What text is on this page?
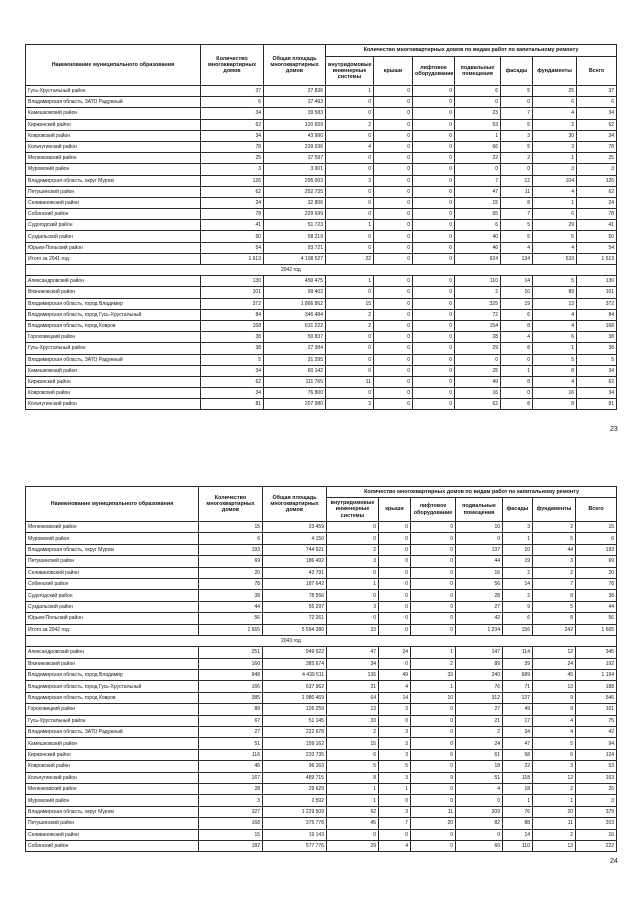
Наименование муниципального образования	Количество многоквартирных домов	Общая площадь многоквартирных домов	Количество многоквартирных домов по видам работ по капитальному ремонту						
			внутридомовые инженерные системы	крыши	лифтовое оборудование	подвальные помещения	фасады	фундаменты	Всего
Гусь-Хрустальный район	37	27 836	1	0	0	6	5	25	37
Владимирская область, ЗАТО Радужный	6	37 493	0	0	0	0	0	6	6
Камешковский район	34	39 583	0	0	0	23	7	4	34
Киржачский район	62	120 659	2	0	0	53	5	2	62
Ковровский район	34	43 990	0	0	0	1	3	30	34
Кольчугинский район	78	239 036	4	0	0	66	5	3	78
Меленковский район	25	37 597	0	0	0	22	2	1	25
Муромский район	3	3 001	0	0	0	0	0	3	3
Владимирская область, округ Муром	126	295 003	3	0	0	7	12	104	126
Петушинский район	62	252 735	0	0	0	47	11	4	62
Селивановский район	24	32 806	0	0	0	15	8	1	24
Собинский район	78	229 699	0	0	0	65	7	6	78
Судогодский район	41	51 723	1	0	0	6	5	29	41
Суздальский район	50	58 219	0	0	0	40	5	5	50
Юрьев-Польский район	54	93 721	0	0	0	46	4	4	54
Итого за 2041 год:	1 613	4 108 527	22	0	0	924	134	533	1 613
2042 год									
Александровский район	130	450 475	1	0	0	110	14	5	130
Вязниковский район	101	99 402	0	0	0	2	10	89	101
Владимирская область, город Владимир	372	1 866 862	15	0	0	325	19	13	372
Владимирская область, город Гусь-Хрустальный	84	346 484	2	0	0	72	6	4	84
Владимирская область, город Ковров	168	631 222	2	0	0	154	8	4	168
Гороховецкий район	38	50 837	0	0	0	28	4	6	38
Гусь-Хрустальный район	38	27 384	0	0	0	29	8	1	38
Владимирская область, ЗАТО Радужный	5	31 395	0	0	0	0	0	5	5
Камешковский район	34	60 142	0	0	0	25	1	8	34
Киржачский район	62	111 765	11	0	0	49	8	4	62
Ковровский район	34	76 800	0	0	0	16	0	16	34
Кольчугинский район	81	207 980	3	0	0	62	8	8	81
23
Наименование муниципального образования	Количество многоквартирных домов	Общая площадь многоквартирных домов	Количество многоквартирных домов по видам работ по капитальному ремонту						
			внутридомовые инженерные системы	крыши	лифтовое оборудование	подвальные помещения	фасады	фундаменты	Всего
Меленковский район	15	23 459	0	0	0	10	3	2	15
Муромский район	6	4 150	0	0	0	0	1	5	6
Владимирская область, округ Муром	193	744 921	2	0	0	137	10	44	193
Петушинский район	69	186 492	3	0	0	44	19	3	69
Селивановский район	20	43 791	0	0	0	16	2	2	20
Собинский район	78	187 642	1	0	0	56	14	7	78
Судогодский район	38	78 556	0	0	0	28	2	8	38
Суздальский район	44	55 297	3	0	0	27	9	5	44
Юрьев-Польский район	56	72 261	0	0	0	42	6	8	56
Итого за 2042 год:	1 665	5 594 380	33	0	0	1 234	156	242	1 665
2043 год									
Александровский район	251	949 022	47	24	1	147	114	12	345
Вязниковский район	160	385 674	34	0	2	89	39	24	192
Владимирская область, город Владимир	948	4 439 511	136	49	33	240	689	45	1 194
Владимирская область, город Гусь-Хрустальный	166	637 962	21	4	1	76	71	13	188
Владимирская область, город Ковров	385	1 980 469	64	14	10	312	137	9	546
Гороховецкий район	89	126 259	13	3	0	27	49	9	101
Гусь-Хрустальный район	67	51 145	33	0	0	21	17	4	75
Владимирская область, ЗАТО Радужный	27	222 678	2	3	0	2	34	4	42
Камешковский район	51	159 162	15	3	0	24	47	5	94
Киржачский район	116	233 735	6	3	6	61	58	6	124
Ковровский район	46	96 163	5	5	0	18	22	3	53
Кольчугинский район	167	489 715	8	3	9	51	118	12	163
Меленковский район	28	29 629	1	1	0	4	18	2	26
Муромский район	3	2 592	1	0	0	0	1	1	3
Владимирская область, округ Муром	327	1 229 509	62	3	11	209	76	20	379
Петушинский район	168	375 778	45	7	20	82	88	11	203
Селивановский район	15	19 143	0	0	0	0	14	2	16
Собинский район	182	577 776	29	4	0	66	110	13	222
24
